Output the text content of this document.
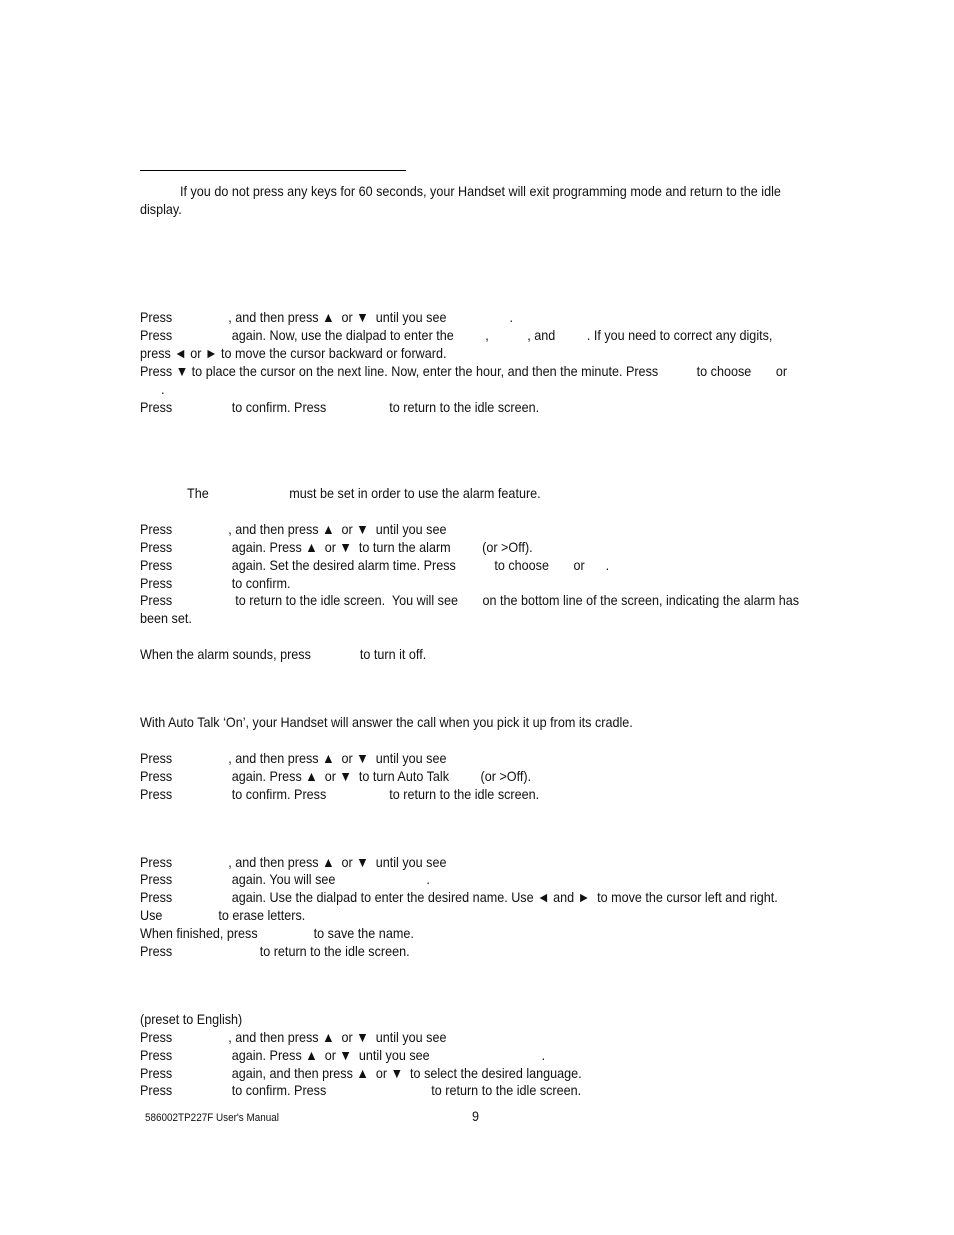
If you do not press any keys for 60 seconds, your Handset will exit programming mode and return to the idle
display.
Press                , and then press ▲  or ▼  until you see                  .
Press                 again. Now, use the dialpad to enter the         ,           , and         . If you need to correct any digits,
press ◄ or ► to move the cursor backward or forward.
Press ▼ to place the cursor on the next line. Now, enter the hour, and then the minute. Press           to choose       or
.
Press                 to confirm. Press                  to return to the idle screen.
The                       must be set in order to use the alarm feature.
Press                , and then press ▲  or ▼  until you see
Press                 again. Press ▲  or ▼  to turn the alarm         (or >Off).
Press                 again. Set the desired alarm time. Press           to choose       or      .
Press                 to confirm.
Press                  to return to the idle screen.  You will see       on the bottom line of the screen, indicating the alarm has
been set.
When the alarm sounds, press              to turn it off.
With Auto Talk ‘On’, your Handset will answer the call when you pick it up from its cradle.
Press                , and then press ▲  or ▼  until you see
Press                 again. Press ▲  or ▼  to turn Auto Talk         (or >Off).
Press                 to confirm. Press                  to return to the idle screen.
Press                , and then press ▲  or ▼  until you see
Press                 again. You will see                          .
Press                 again. Use the dialpad to enter the desired name. Use ◄ and ►  to move the cursor left and right.
Use                to erase letters.
When finished, press                to save the name.
Press                         to return to the idle screen.
(preset to English)
Press                , and then press ▲  or ▼  until you see
Press                 again. Press ▲  or ▼  until you see                                .
Press                 again, and then press ▲  or ▼  to select the desired language.
Press                 to confirm. Press                              to return to the idle screen.
586002TP227F User's Manual	9
